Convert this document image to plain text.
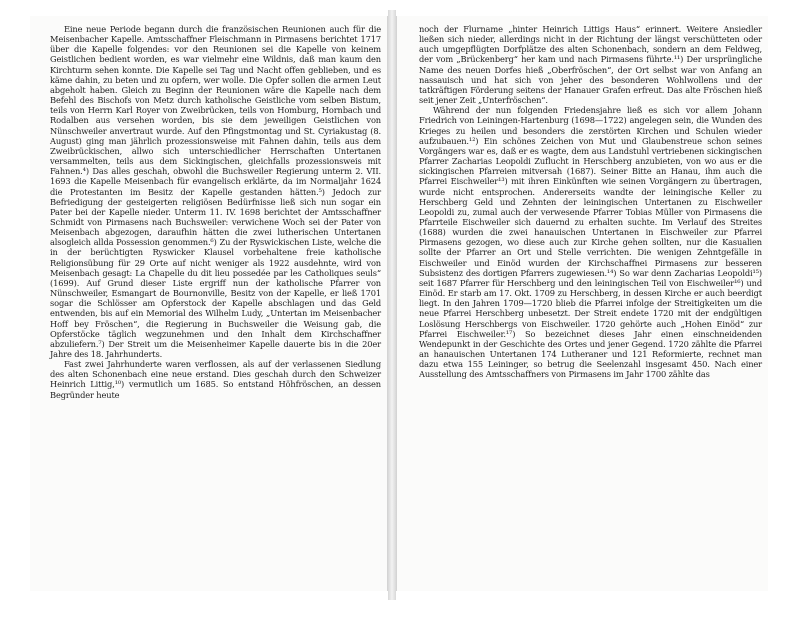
Eine neue Periode begann durch die französischen Reunionen auch für die Meisenbacher Kapelle. Amtsschaffner Fleischmann in Pirmasens berichtet 1717 über die Kapelle folgendes: vor den Reunionen sei die Kapelle von keinem Geistlichen bedient worden, es war vielmehr eine Wildnis, daß man kaum den Kirchturm sehen konnte. Die Kapelle sei Tag und Nacht offen geblieben, und es käme dahin, zu beten und zu opfern, wer wolle. Die Opfer sollen die armen Leut abgeholt haben. Gleich zu Beginn der Reunionen wäre die Kapelle nach dem Befehl des Bischofs von Metz durch katholische Geistliche vom selben Bistum, teils von Herrn Karl Royer von Zweibrücken, teils von Homburg, Hornbach und Rodalben aus versehen worden, bis sie dem jeweiligen Geistlichen von Nünschweiler anvertraut wurde. Auf den Pfingstmontag und St. Cyriakustag (8. August) ging man jährlich prozessionsweise mit Fahnen dahin, teils aus dem Zweibrückischen, allwo sich unterschiedlicher Herrschaften Untertanen versammelten, teils aus dem Sickingischen, gleichfalls prozessionsweis mit Fahnen.⁴) Das alles geschah, obwohl die Buchsweiler Regierung unterm 2. VII. 1693 die Kapelle Meisenbach für evangelisch erklärte, da im Normaljahr 1624 die Protestanten im Besitz der Kapelle gestanden hätten.⁵) Jedoch zur Befriedigung der gesteigerten religiösen Bedürfnisse ließ sich nun sogar ein Pater bei der Kapelle nieder. Unterm 11. IV. 1698 berichtet der Amtsschaffner Schmidt von Pirmasens nach Buchsweiler: verwichene Woch sei der Pater von Meisenbach abgezogen, daraufhin hätten die zwei lutherischen Untertanen alsogleich allda Possession genommen.⁶) Zu der Ryswickischen Liste, welche die in der berüchtigten Ryswicker Klausel vorbehaltene freie katholische Religionsübung für 29 Orte auf nicht weniger als 1922 ausdehnte, wird von Meisenbach gesagt: La Chapelle du dit lieu possedée par les Catholiques seuls“ (1699). Auf Grund dieser Liste ergriff nun der katholische Pfarrer von Nünschweiler, Esmangart de Bournonville, Besitz von der Kapelle, er ließ 1701 sogar die Schlösser am Opferstock der Kapelle abschlagen und das Geld entwenden, bis auf ein Memorial des Wilhelm Ludy, „Untertan im Meisenbacher Hoff bey Fröschen“, die Regierung in Buchsweiler die Weisung gab, die Opferstöcke täglich wegzunehmen und den Inhalt dem Kirchschaffner abzuliefern.⁷) Der Streit um die Meisenheimer Kapelle dauerte bis in die 20er Jahre des 18. Jahrhunderts.

Fast zwei Jahrhunderte waren verflossen, als auf der verlassenen Siedlung des alten Schonenbach eine neue erstand. Dies geschah durch den Schweizer Heinrich Littig,¹⁰) vermutlich um 1685. So entstand Höhfröschen, an dessen Begründer heute

noch der Flurname „hinter Heinrich Littigs Haus“ erinnert. Weitere Ansiedler ließen sich nieder, allerdings nicht in der Richtung der längst verschütteten oder auch umgepflügten Dorfplätze des alten Schonenbach, sondern an dem Feldweg, der vom „Brückenberg“ her kam und nach Pirmasens führte.¹¹) Der ursprüngliche Name des neuen Dorfes hieß „Oberfröschen“, der Ort selbst war von Anfang an nassauisch und hat sich von jeher des besonderen Wohlwollens und der tatkräftigen Förderung seitens der Hanauer Grafen erfreut. Das alte Fröschen hieß seit jener Zeit „Unterfröschen“.

Während der nun folgenden Friedensjahre ließ es sich vor allem Johann Friedrich von Leiningen-Hartenburg (1698—1722) angelegen sein, die Wunden des Krieges zu heilen und besonders die zerstörten Kirchen und Schulen wieder aufzubauen.¹²) Ein schönes Zeichen von Mut und Glaubenstreue schon seines Vorgängers war es, daß er es wagte, dem aus Landstuhl vertriebenen sickingischen Pfarrer Zacharias Leopoldi Zuflucht in Herschberg anzubieten, von wo aus er die sickingischen Pfarreien mitversah (1687). Seiner Bitte an Hanau, ihm auch die Pfarrei Eischweiler¹³) mit ihren Einkünften wie seinen Vorgängern zu übertragen, wurde nicht entsprochen. Andererseits wandte der leiningische Keller zu Herschberg Geld und Zehnten der leiningischen Untertanen zu Eischweiler Leopoldi zu, zumal auch der verwesende Pfarrer Tobias Müller von Pirmasens die Pfarrteile Eischweiler sich dauernd zu erhalten suchte. Im Verlauf des Streites (1688) wurden die zwei hanauischen Untertanen in Eischweiler zur Pfarrei Pirmasens gezogen, wo diese auch zur Kirche gehen sollten, nur die Kasualien sollte der Pfarrer an Ort und Stelle verrichten. Die wenigen Zehntgefälle in Eischweiler und Einöd wurden der Kirchschaffnei Pirmasens zur besseren Subsistenz des dortigen Pfarrers zugewiesen.¹⁴) So war denn Zacharias Leopoldi¹⁵) seit 1687 Pfarrer für Herschberg und den leiningischen Teil von Eischweiler¹⁶) und Einöd. Er starb am 17. Okt. 1709 zu Herschberg, in dessen Kirche er auch beerdigt liegt. In den Jahren 1709—1720 blieb die Pfarrei infolge der Streitigkeiten um die neue Pfarrei Herschberg unbesetzt. Der Streit endete 1720 mit der endgültigen Loslösung Herschbergs von Eischweiler. 1720 gehörte auch „Hohen Einöd“ zur Pfarrei Eischweiler.¹⁷) So bezeichnet dieses Jahr einen einschneidenden Wendepunkt in der Geschichte des Ortes und jener Gegend. 1720 zählte die Pfarrei an hanauischen Untertanen 174 Lutheraner und 121 Reformierte, rechnet man dazu etwa 155 Leininger, so betrug die Seelenzahl insgesamt 450. Nach einer Ausstellung des Amtsschaffners von Pirmasens im Jahr 1700 zählte das
